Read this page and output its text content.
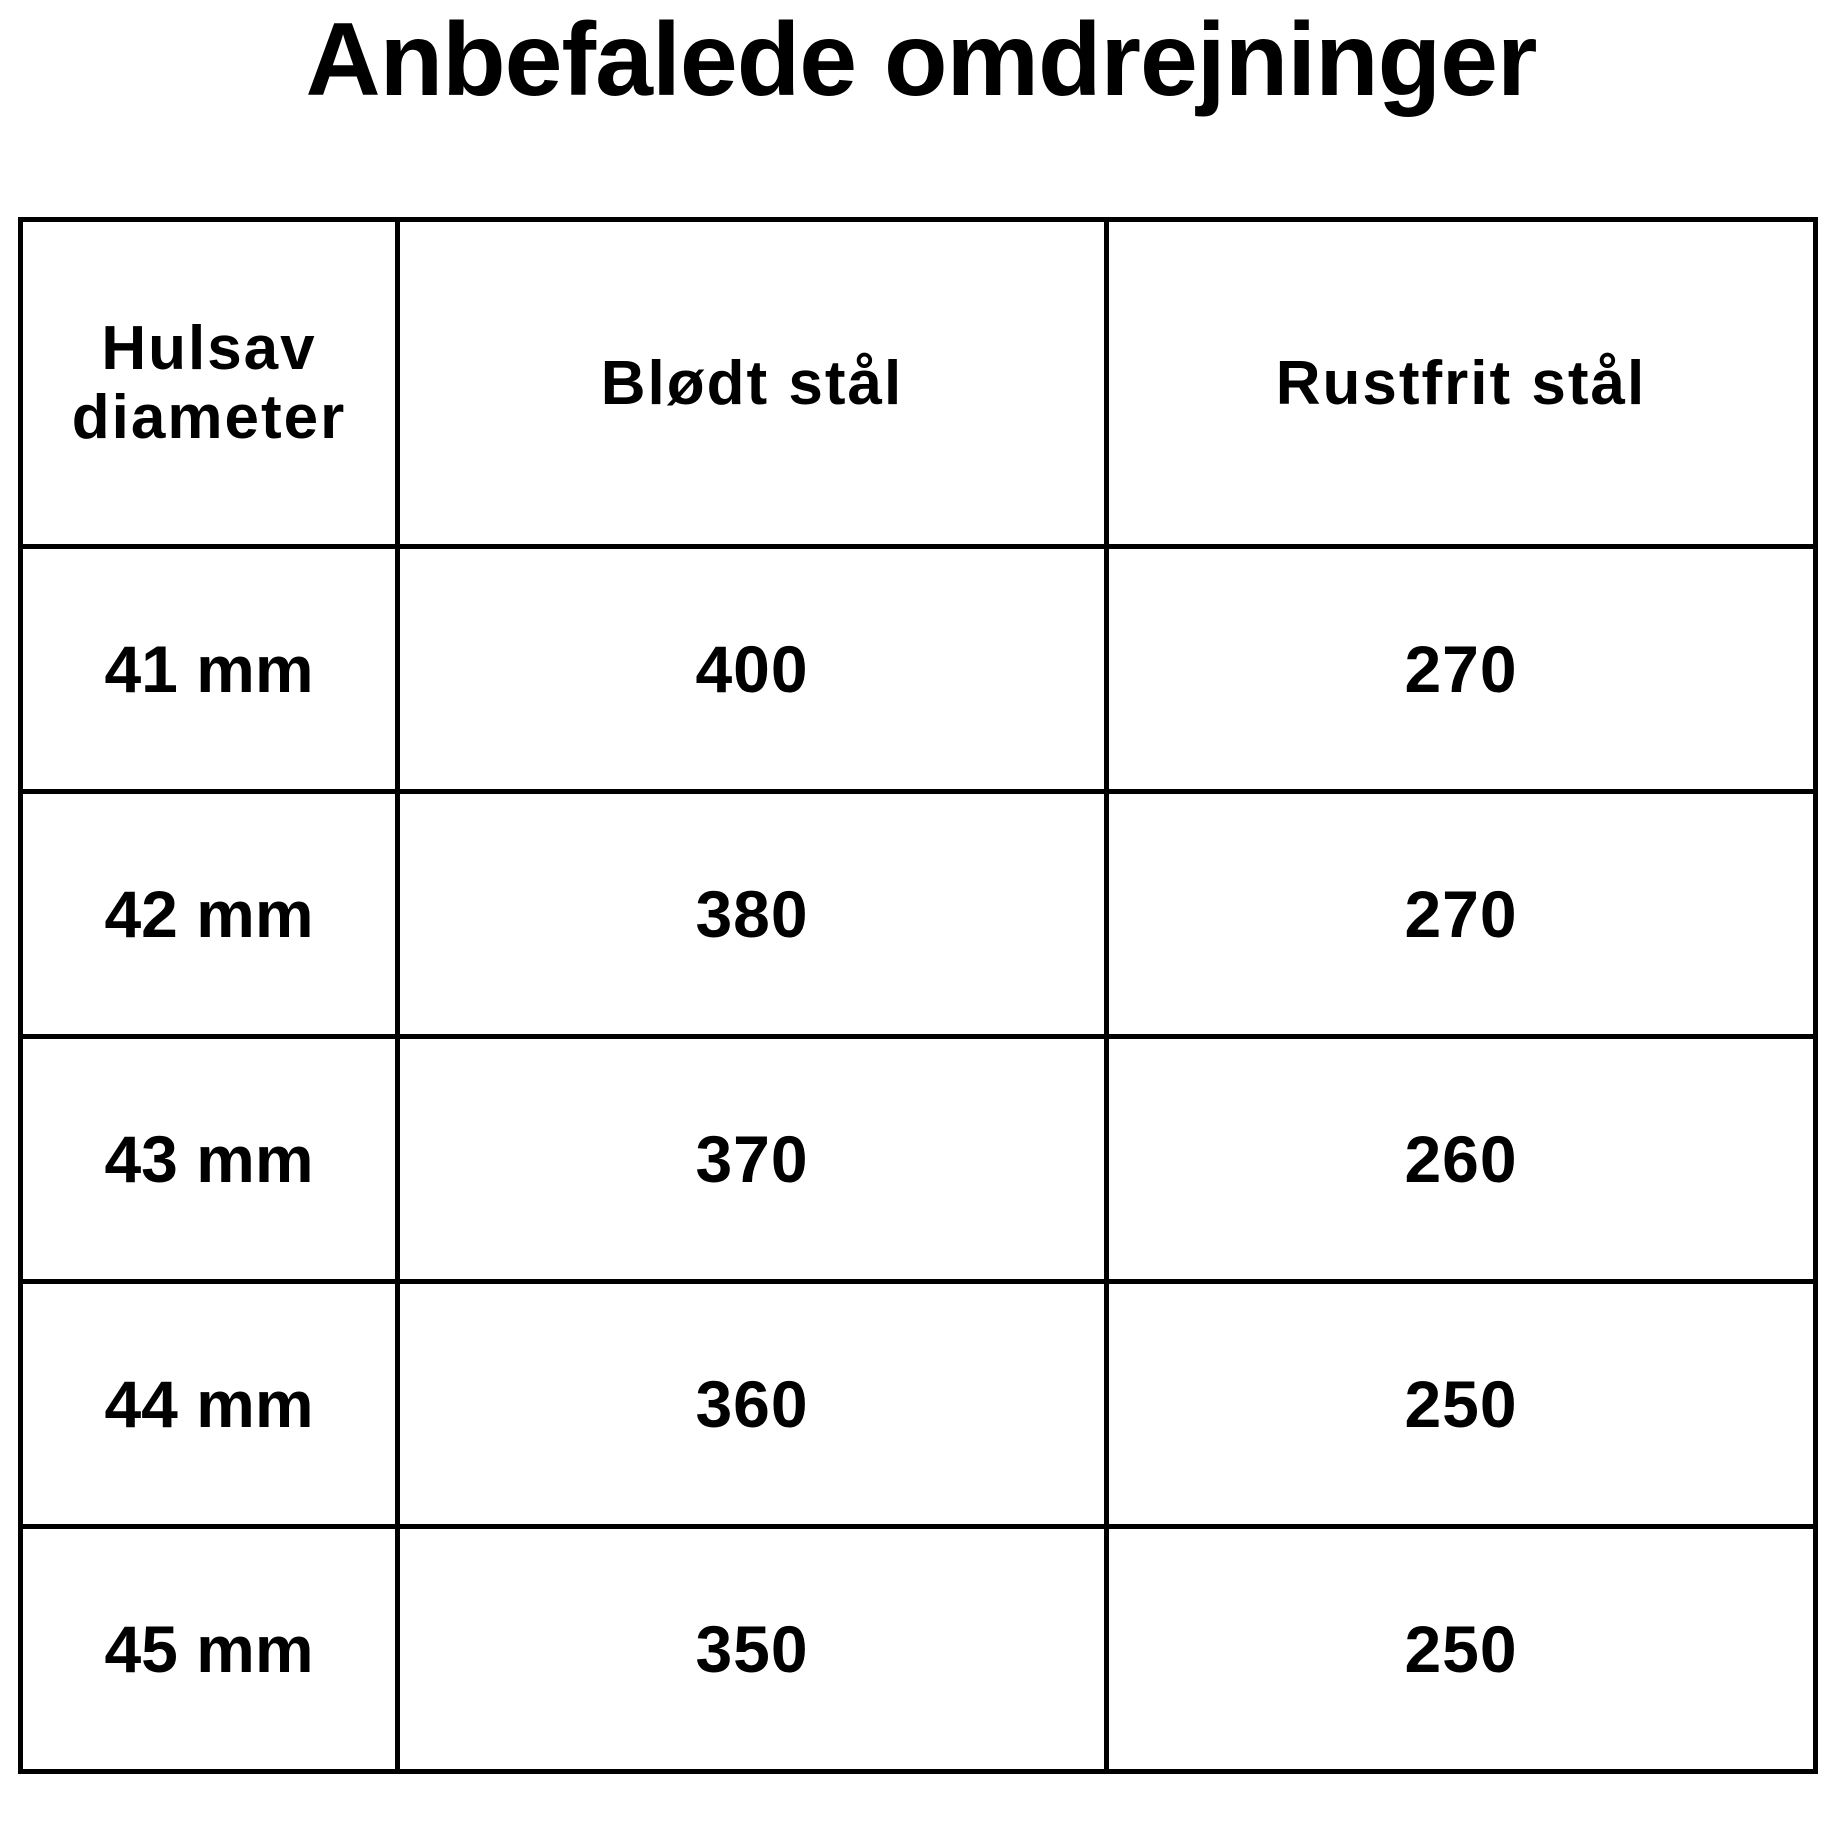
Anbefalede omdrejninger
Hulsav
diameter	Blødt stål	Rustfrit stål
41 mm	400	270
42 mm	380	270
43 mm	370	260
44 mm	360	250
45 mm	350	250
